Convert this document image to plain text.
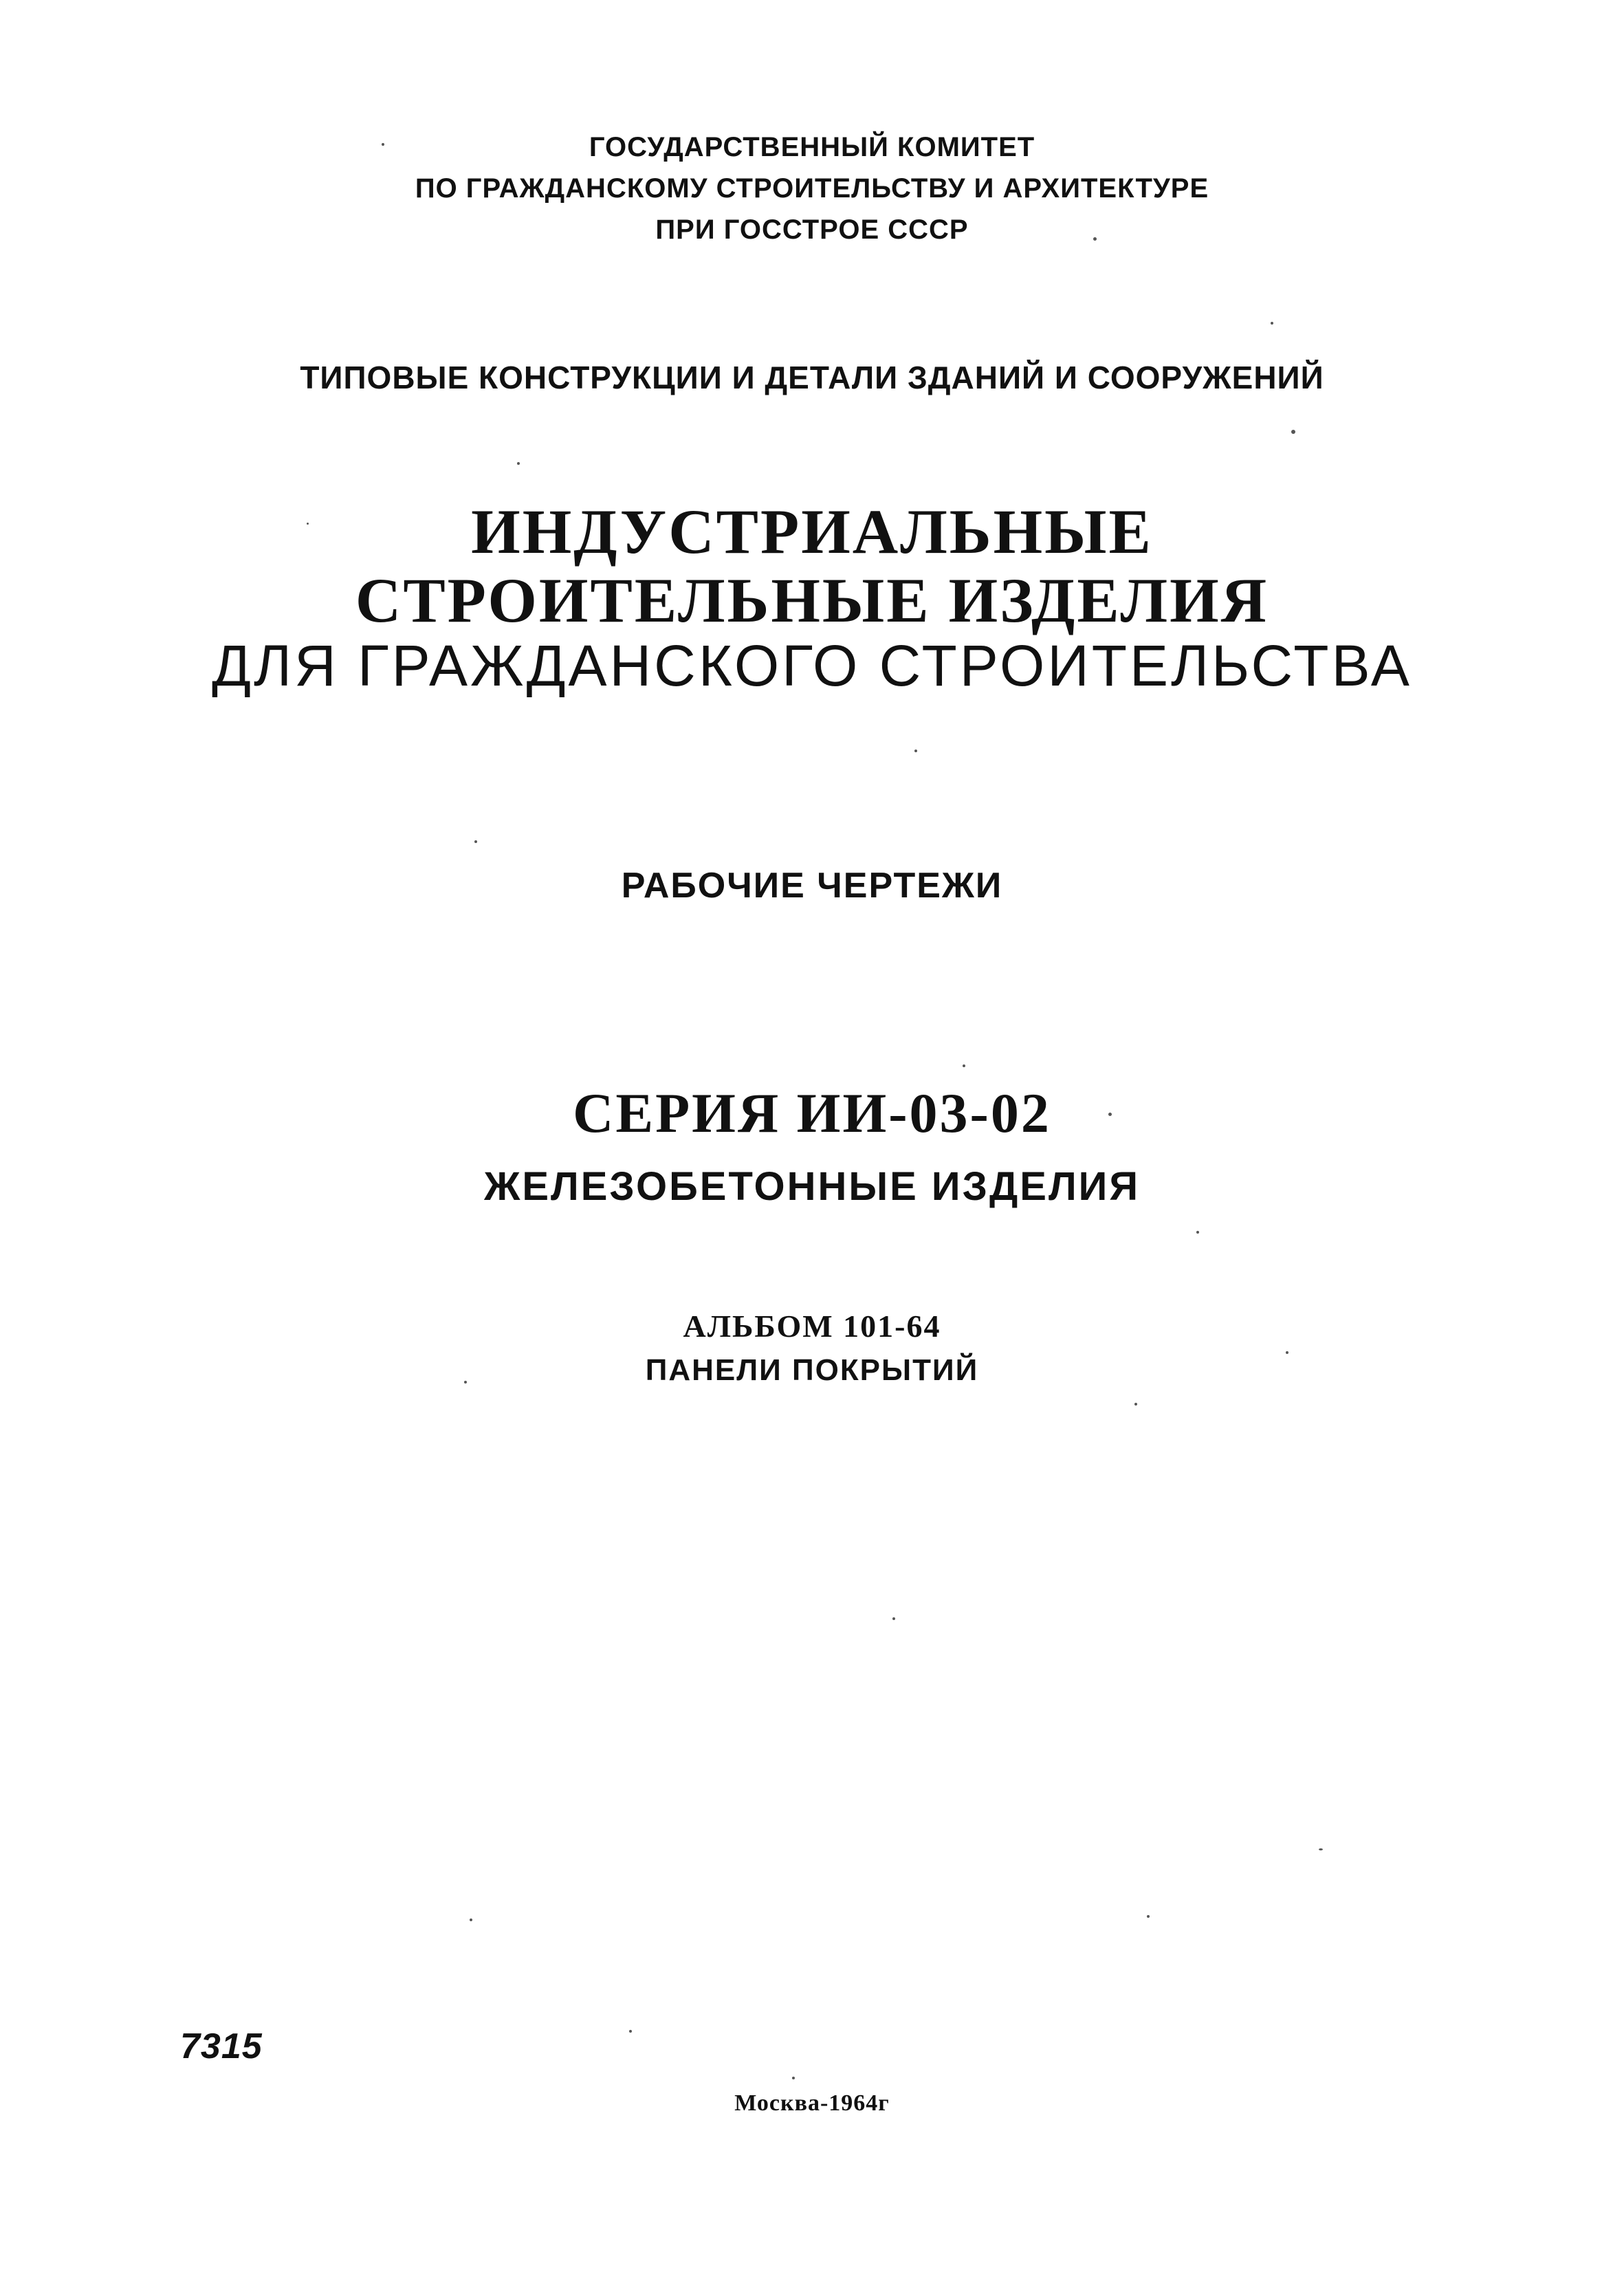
ГОСУДАРСТВЕННЫЙ КОМИТЕТ

ПО ГРАЖДАНСКОМУ СТРОИТЕЛЬСТВУ И АРХИТЕКТУРЕ

ПРИ ГОССТРОЕ СССР

ТИПОВЫЕ КОНСТРУКЦИИ И ДЕТАЛИ ЗДАНИЙ И СООРУЖЕНИЙ

ИНДУСТРИАЛЬНЫЕ
СТРОИТЕЛЬНЫЕ ИЗДЕЛИЯ
ДЛЯ ГРАЖДАНСКОГО СТРОИТЕЛЬСТВА

РАБОЧИЕ ЧЕРТЕЖИ

СЕРИЯ ИИ-03-02
ЖЕЛЕЗОБЕТОННЫЕ ИЗДЕЛИЯ

АЛЬБОМ 101-64

ПАНЕЛИ ПОКРЫТИЙ

7315

Москва-1964г
